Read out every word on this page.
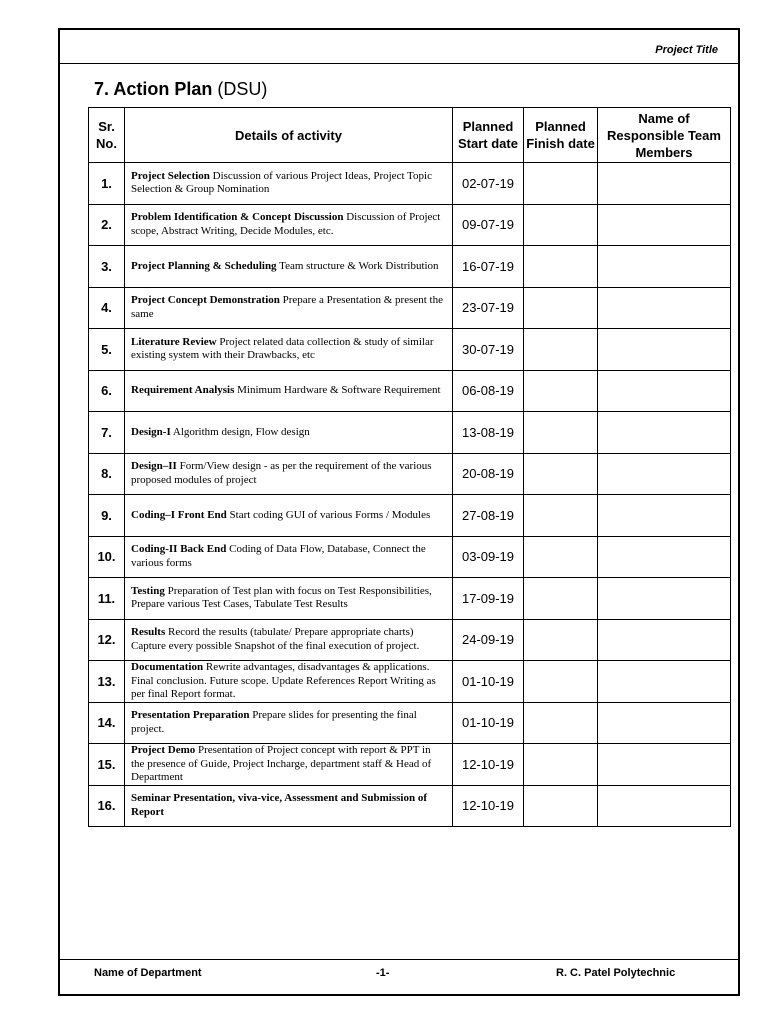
Project Title
7. Action Plan (DSU)
Sr. No.	Details of activity	Planned Start date	Planned Finish date	Name of Responsible Team Members
1.	Project Selection Discussion of various Project Ideas, Project Topic Selection & Group Nomination	02-07-19		
2.	Problem Identification & Concept Discussion Discussion of Project scope, Abstract Writing, Decide Modules, etc.	09-07-19		
3.	Project Planning & Scheduling Team structure & Work Distribution	16-07-19		
4.	Project Concept Demonstration Prepare a Presentation & present the same	23-07-19		
5.	Literature Review Project related data collection & study of similar existing system with their Drawbacks, etc	30-07-19		
6.	Requirement Analysis Minimum Hardware & Software Requirement	06-08-19		
7.	Design-I Algorithm design, Flow design	13-08-19		
8.	Design–II Form/View design - as per the requirement of the various proposed modules of project	20-08-19		
9.	Coding–I Front End Start coding GUI of various Forms / Modules	27-08-19		
10.	Coding-II Back End Coding of Data Flow, Database, Connect the various forms	03-09-19		
11.	Testing Preparation of Test plan with focus on Test Responsibilities, Prepare various Test Cases, Tabulate Test Results	17-09-19		
12.	Results Record the results (tabulate/ Prepare appropriate charts) Capture every possible Snapshot of the final execution of project.	24-09-19		
13.	Documentation Rewrite advantages, disadvantages & applications. Final conclusion. Future scope. Update References Report Writing as per final Report format.	01-10-19		
14.	Presentation Preparation Prepare slides for presenting the final project.	01-10-19		
15.	Project Demo Presentation of Project concept with report & PPT in the presence of Guide, Project Incharge, department staff & Head of Department	12-10-19		
16.	Seminar Presentation, viva-vice, Assessment and Submission of Report	12-10-19		
Name of Department	-1-	R. C. Patel Polytechnic
